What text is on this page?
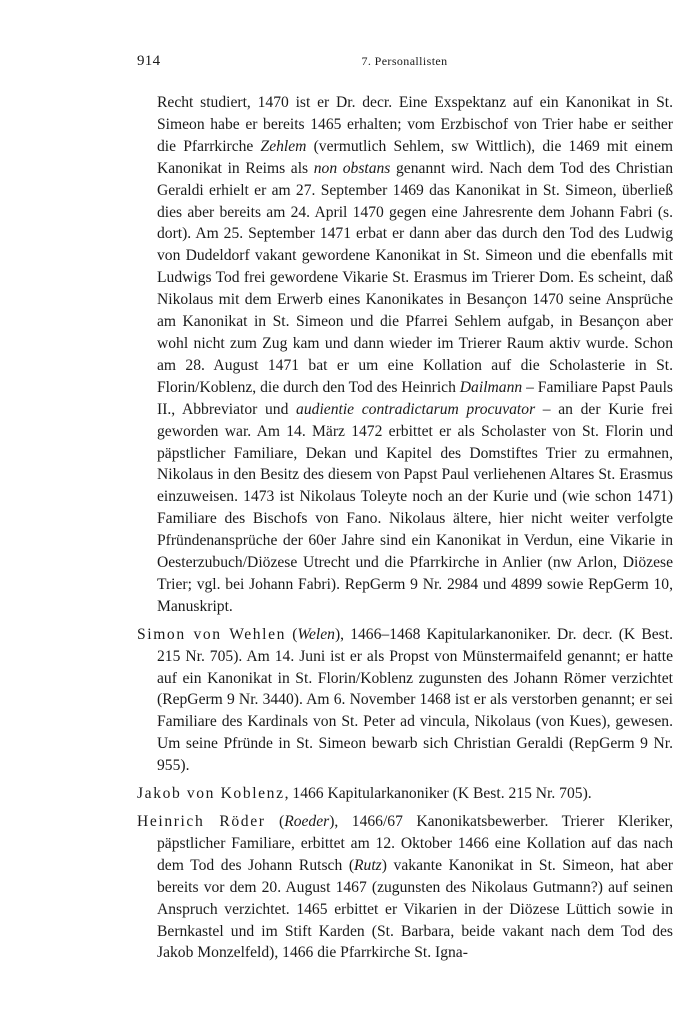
914	7. Personallisten

Recht studiert, 1470 ist er Dr. decr. Eine Exspektanz auf ein Kanonikat in St. Simeon habe er bereits 1465 erhalten; vom Erzbischof von Trier habe er seither die Pfarrkirche Zehlem (vermutlich Sehlem, sw Wittlich), die 1469 mit einem Kanonikat in Reims als non obstans genannt wird. Nach dem Tod des Christian Geraldi erhielt er am 27. September 1469 das Kanonikat in St. Simeon, überließ dies aber bereits am 24. April 1470 gegen eine Jahresrente dem Johann Fabri (s. dort). Am 25. September 1471 erbat er dann aber das durch den Tod des Ludwig von Dudeldorf vakant gewordene Kanonikat in St. Simeon und die ebenfalls mit Ludwigs Tod frei gewordene Vikarie St. Erasmus im Trierer Dom. Es scheint, daß Nikolaus mit dem Erwerb eines Kanonikates in Besançon 1470 seine Ansprüche am Kanonikat in St. Simeon und die Pfarrei Sehlem aufgab, in Besançon aber wohl nicht zum Zug kam und dann wieder im Trierer Raum aktiv wurde. Schon am 28. August 1471 bat er um eine Kollation auf die Scholasterie in St. Florin/Koblenz, die durch den Tod des Heinrich Dailmann – Familiare Papst Pauls II., Abbreviator und audientie contradictarum procuvator – an der Kurie frei geworden war. Am 14. März 1472 erbittet er als Scholaster von St. Florin und päpstlicher Familiare, Dekan und Kapitel des Domstiftes Trier zu ermahnen, Nikolaus in den Besitz des diesem von Papst Paul verliehenen Altares St. Erasmus einzuweisen. 1473 ist Nikolaus Toleyte noch an der Kurie und (wie schon 1471) Familiare des Bischofs von Fano. Nikolaus ältere, hier nicht weiter verfolgte Pfründenansprüche der 60er Jahre sind ein Kanonikat in Verdun, eine Vikarie in Oesterzubuch/Diözese Utrecht und die Pfarrkirche in Anlier (nw Arlon, Diözese Trier; vgl. bei Johann Fabri). RepGerm 9 Nr. 2984 und 4899 sowie RepGerm 10, Manuskript.

Simon von Wehlen (Welen), 1466–1468 Kapitularkanoniker. Dr. decr. (K Best. 215 Nr. 705). Am 14. Juni ist er als Propst von Münstermaifeld genannt; er hatte auf ein Kanonikat in St. Florin/Koblenz zugunsten des Johann Römer verzichtet (RepGerm 9 Nr. 3440). Am 6. November 1468 ist er als verstorben genannt; er sei Familiare des Kardinals von St. Peter ad vincula, Nikolaus (von Kues), gewesen. Um seine Pfründe in St. Simeon bewarb sich Christian Geraldi (RepGerm 9 Nr. 955).

Jakob von Koblenz, 1466 Kapitularkanoniker (K Best. 215 Nr. 705).

Heinrich Röder (Roeder), 1466/67 Kanonikatsbewerber. Trierer Kleriker, päpstlicher Familiare, erbittet am 12. Oktober 1466 eine Kollation auf das nach dem Tod des Johann Rutsch (Rutz) vakante Kanonikat in St. Simeon, hat aber bereits vor dem 20. August 1467 (zugunsten des Nikolaus Gutmann?) auf seinen Anspruch verzichtet. 1465 erbittet er Vikarien in der Diözese Lüttich sowie in Bernkastel und im Stift Karden (St. Barbara, beide vakant nach dem Tod des Jakob Monzelfeld), 1466 die Pfarrkirche St. Igna-
